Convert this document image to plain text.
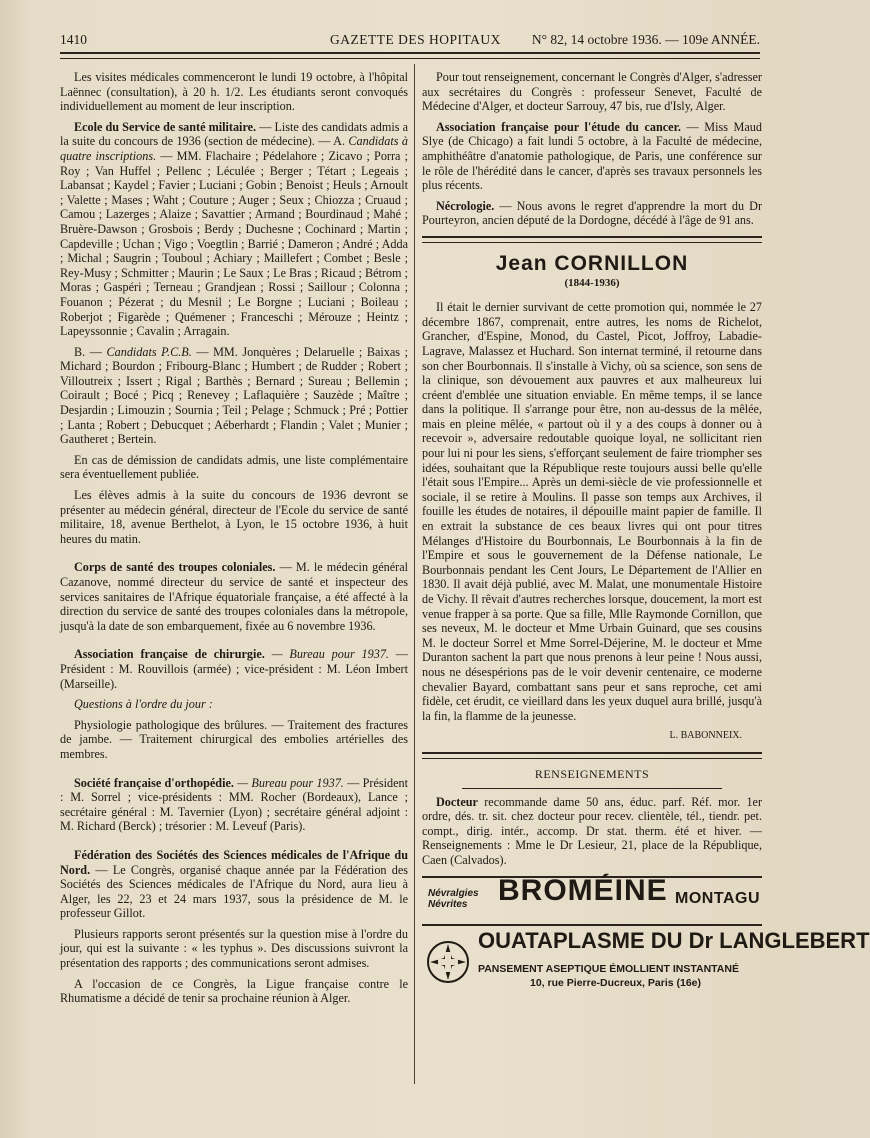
1410	GAZETTE DES HOPITAUX N° 82, 14 octobre 1936. — 109e ANNÉE.

Les visites médicales commenceront le lundi 19 octobre, à l'hôpital Laënnec (consultation), à 20 h. 1/2. Les étudiants seront convoqués individuellement au moment de leur inscription.

Ecole du Service de santé militaire. — Liste des candidats admis a la suite du concours de 1936 (section de médecine). — A. Candidats à quatre inscriptions. — MM. Flachaire ; Pédelahore ; Zicavo ; Porra ; Roy ; Van Huffel ; Pellenc ; Léculée ; Berger ; Tétart ; Legeais ; Labansat ; Kaydel ; Favier ; Luciani ; Gobin ; Benoist ; Heuls ; Arnoult ; Valette ; Mases ; Waht ; Couture ; Auger ; Seux ; Chiozza ; Cruaud ; Camou ; Lazerges ; Alaize ; Savattier ; Armand ; Bourdinaud ; Mahé ; Bruère-Dawson ; Grosbois ; Berdy ; Duchesne ; Cochinard ; Martin ; Capdeville ; Uchan ; Vigo ; Voegtlin ; Barrié ; Dameron ; André ; Adda ; Michal ; Saugrin ; Touboul ; Achiary ; Maillefert ; Combet ; Besle ; Rey-Musy ; Schmitter ; Maurin ; Le Saux ; Le Bras ; Ricaud ; Bétrom ; Moras ; Gaspéri ; Terneau ; Grandjean ; Rossi ; Saillour ; Colonna ; Fouanon ; Pézerat ; du Mesnil ; Le Borgne ; Luciani ; Boileau ; Roberjot ; Figarède ; Quémener ; Franceschi ; Mérouze ; Heintz ; Lapeyssonnie ; Cavalin ; Arragain.

B. — Candidats P.C.B. — MM. Jonquères ; Delaruelle ; Baixas ; Michard ; Bourdon ; Fribourg-Blanc ; Humbert ; de Rudder ; Robert ; Villoutreix ; Issert ; Rigal ; Barthès ; Bernard ; Sureau ; Bellemin ; Coirault ; Bocé ; Picq ; Renevey ; Laflaquière ; Sauzède ; Maître ; Desjardin ; Limouzin ; Sournia ; Teil ; Pelage ; Schmuck ; Pré ; Pottier ; Lanta ; Robert ; Debucquet ; Aéberhardt ; Flandin ; Valet ; Munier ; Gautheret ; Bertein.

En cas de démission de candidats admis, une liste complémentaire sera éventuellement publiée.

Les élèves admis à la suite du concours de 1936 devront se présenter au médecin général, directeur de l'Ecole du service de santé militaire, 18, avenue Berthelot, à Lyon, le 15 octobre 1936, à huit heures du matin.

Corps de santé des troupes coloniales. — M. le médecin général Cazanove, nommé directeur du service de santé et inspecteur des services sanitaires de l'Afrique équatoriale française, a été affecté à la direction du service de santé des troupes coloniales dans la métropole, jusqu'à la date de son embarquement, fixée au 6 novembre 1936.

Association française de chirurgie. — Bureau pour 1937. — Président : M. Rouvillois (armée) ; vice-président : M. Léon Imbert (Marseille).

Questions à l'ordre du jour :

Physiologie pathologique des brûlures. — Traitement des fractures de jambe. — Traitement chirurgical des embolies artérielles des membres.

Société française d'orthopédie. — Bureau pour 1937. — Président : M. Sorrel ; vice-présidents : MM. Rocher (Bordeaux), Lance ; secrétaire général : M. Tavernier (Lyon) ; secrétaire général adjoint : M. Richard (Berck) ; trésorier : M. Leveuf (Paris).

Fédération des Sociétés des Sciences médicales de l'Afrique du Nord. — Le Congrès, organisé chaque année par la Fédération des Sociétés des Sciences médicales de l'Afrique du Nord, aura lieu à Alger, les 22, 23 et 24 mars 1937, sous la présidence de M. le professeur Gillot.

Plusieurs rapports seront présentés sur la question mise à l'ordre du jour, qui est la suivante : « les typhus ». Des discussions suivront la présentation des rapports ; des communications seront admises.

A l'occasion de ce Congrès, la Ligue française contre le Rhumatisme a décidé de tenir sa prochaine réunion à Alger.

Pour tout renseignement, concernant le Congrès d'Alger, s'adresser aux secrétaires du Congrès : professeur Senevet, Faculté de Médecine d'Alger, et docteur Sarrouy, 47 bis, rue d'Isly, Alger.

Association française pour l'étude du cancer. — Miss Maud Slye (de Chicago) a fait lundi 5 octobre, à la Faculté de médecine, amphithéâtre d'anatomie pathologique, de Paris, une conférence sur le rôle de l'hérédité dans le cancer, d'après ses travaux personnels les plus récents.

Nécrologie. — Nous avons le regret d'apprendre la mort du Dr Pourteyron, ancien député de la Dordogne, décédé à l'âge de 91 ans.

Jean CORNILLON
(1844-1936)

Il était le dernier survivant de cette promotion qui, nommée le 27 décembre 1867, comprenait, entre autres, les noms de Richelot, Grancher, d'Espine, Monod, du Castel, Picot, Joffroy, Labadie-Lagrave, Malassez et Huchard. Son internat terminé, il retourne dans son cher Bourbonnais. Il s'installe à Vichy, où sa science, son sens de la clinique, son dévouement aux pauvres et aux malheureux lui créent d'emblée une situation enviable. En même temps, il se lance dans la politique. Il s'arrange pour être, non au-dessus de la mêlée, mais en pleine mêlée, « partout où il y a des coups à donner ou à recevoir », adversaire redoutable quoique loyal, ne sollicitant rien pour lui ni pour les siens, s'efforçant seulement de faire triompher ses idées, souhaitant que la République reste toujours aussi belle qu'elle l'était sous l'Empire... Après un demi-siècle de vie professionnelle et sociale, il se retire à Moulins. Il passe son temps aux Archives, il fouille les études de notaires, il dépouille maint papier de famille. Il en extrait la substance de ces beaux livres qui ont pour titres Mélanges d'Histoire du Bourbonnais, Le Bourbonnais à la fin de l'Empire et sous le gouvernement de la Défense nationale, Le Bourbonnais pendant les Cent Jours, Le Département de l'Allier en 1830. Il avait déjà publié, avec M. Malat, une monumentale Histoire de Vichy. Il rêvait d'autres recherches lorsque, doucement, la mort est venue frapper à sa porte. Que sa fille, Mlle Raymonde Cornillon, que ses neveux, M. le docteur et Mme Urbain Guinard, que ses cousins M. le docteur Sorrel et Mme Sorrel-Déjerine, M. le docteur et Mme Duranton sachent la part que nous prenons à leur peine ! Nous aussi, nous ne désespérions pas de le voir devenir centenaire, ce moderne chevalier Bayard, combattant sans peur et sans reproche, cet ami fidèle, cet érudit, ce vieillard dans les yeux duquel aura brillé, jusqu'à la fin, la flamme de la jeunesse.

L. BABONNEIX.
RENSEIGNEMENTS

Docteur recommande dame 50 ans, éduc. parf. Réf. mor. 1er ordre, dés. tr. sit. chez docteur pour recev. clientèle, tél., tiendr. pet. compt., dirig. intér., accomp. Dr stat. therm. été et hiver. — Renseignements : Mme le Dr Lesieur, 21, place de la République, Caen (Calvados).

Névralgies
Névrites	BROMÉINE MONTAGU
OUATAPLASME DU Dr LANGLEBERT
PANSEMENT ASEPTIQUE ÉMOLLIENT INSTANTANÉ
10, rue Pierre-Ducreux, Paris (16e)
